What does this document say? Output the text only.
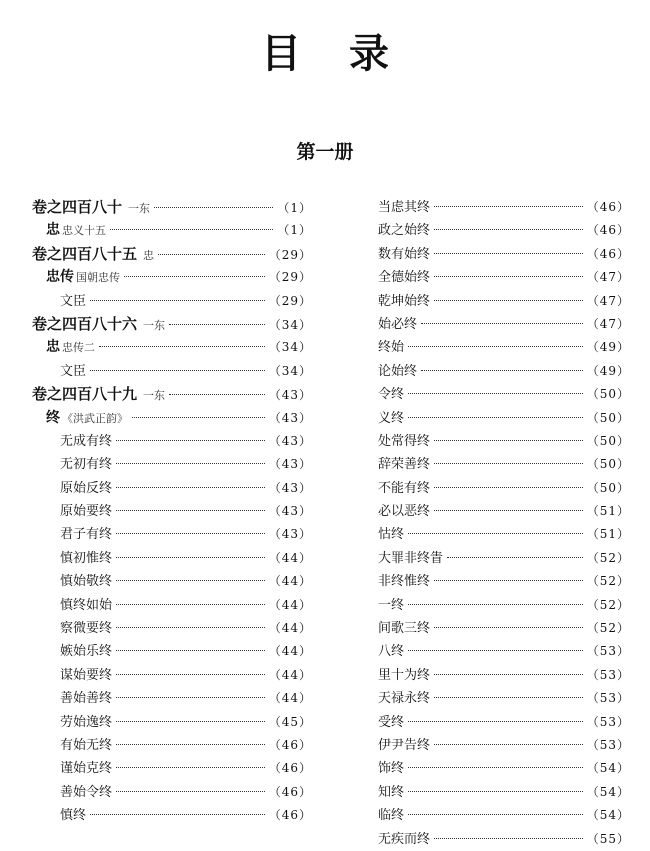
目录
第一册
卷之四百八十 一东	（1）
忠 忠义十五	（1）
卷之四百八十五 忠	（29）
忠传 国朝忠传	（29）
文臣	（29）
卷之四百八十六 一东	（34）
忠 忠传二	（34）
文臣	（34）
卷之四百八十九 一东	（43）
终 《洪武正韵》	（43）
无成有终	（43）
无初有终	（43）
原始反终	（43）
原始要终	（43）
君子有终	（43）
慎初惟终	（44）
慎始敬终	（44）
慎终如始	（44）
察微要终	（44）
嫉始乐终	（44）
谋始要终	（44）
善始善终	（44）
劳始逸终	（45）
有始无终	（46）
谨始克终	（46）
善始令终	（46）
慎终	（46）
当虑其终	（46）
政之始终	（46）
数有始终	（46）
全德始终	（47）
乾坤始终	（47）
始必终	（47）
终始	（49）
论始终	（49）
令终	（50）
义终	（50）
处常得终	（50）
辞荣善终	（50）
不能有终	（50）
必以恶终	（51）
怙终	（51）
大罪非终眚	（52）
非终惟终	（52）
一终	（52）
间歌三终	（52）
八终	（53）
里十为终	（53）
天禄永终	（53）
受终	（53）
伊尹告终	（53）
饰终	（54）
知终	（54）
临终	（54）
无疾而终	（55）
